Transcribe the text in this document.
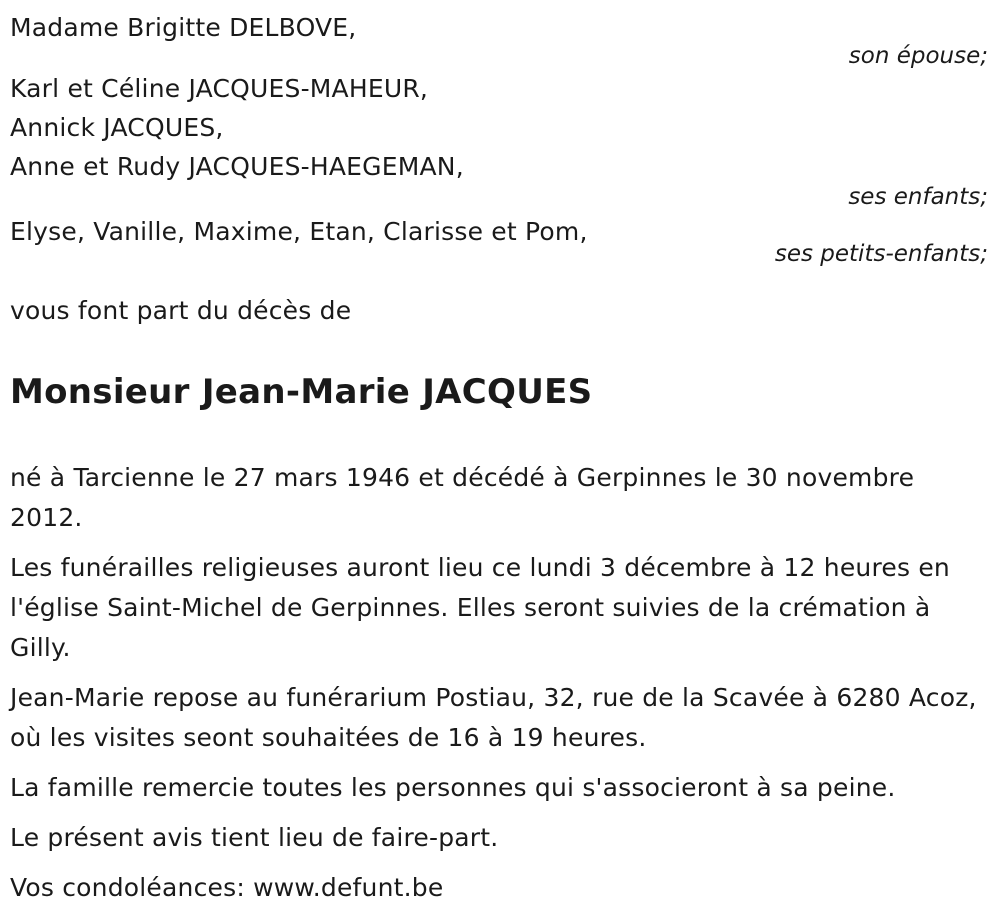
Madame Brigitte DELBOVE,
son épouse;
Karl et Céline JACQUES-MAHEUR,
Annick JACQUES,
Anne et Rudy JACQUES-HAEGEMAN,
ses enfants;
Elyse, Vanille, Maxime, Etan, Clarisse et Pom,
ses petits-enfants;
vous font part du décès de
Monsieur Jean-Marie JACQUES

né à Tarcienne le 27 mars 1946 et décédé à Gerpinnes le 30 novembre 2012.

Les funérailles religieuses auront lieu ce lundi 3 décembre à 12 heures en l'église Saint-Michel de Gerpinnes. Elles seront suivies de la crémation à Gilly.

Jean-Marie repose au funérarium Postiau, 32, rue de la Scavée à 6280 Acoz, où les visites seont souhaitées de 16 à 19 heures.

La famille remercie toutes les personnes qui s'associeront à sa peine.

Le présent avis tient lieu de faire-part.

Vos condoléances: www.defunt.be
